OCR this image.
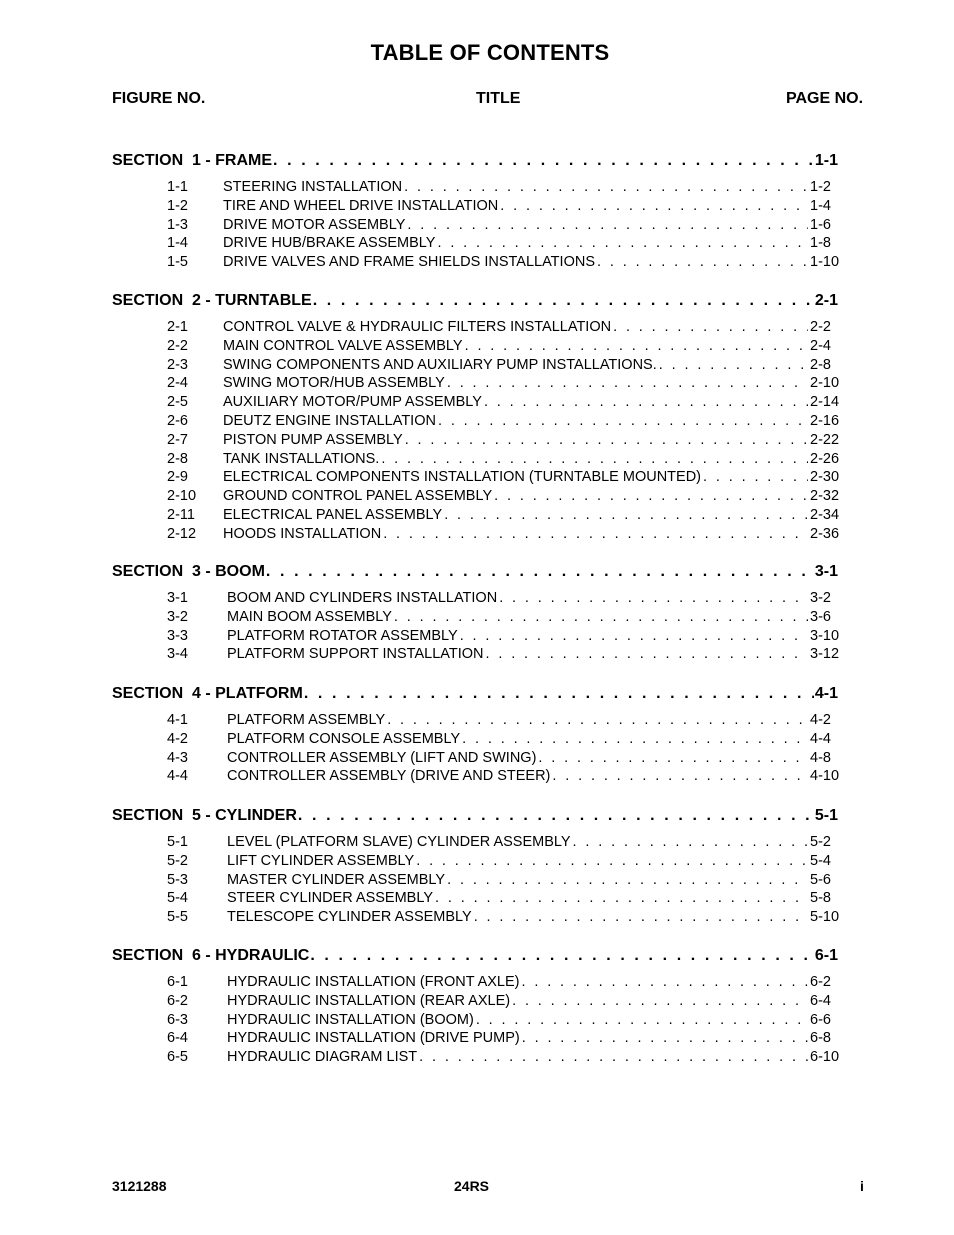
TABLE OF CONTENTS
FIGURE NO.	TITLE	PAGE NO.
SECTION  1 - FRAME . . .	1-1
1-1 STEERING INSTALLATION . . .	1-2
1-2 TIRE AND WHEEL DRIVE INSTALLATION . . .	1-4
1-3 DRIVE MOTOR ASSEMBLY . . .	1-6
1-4 DRIVE HUB/BRAKE ASSEMBLY . . .	1-8
1-5 DRIVE VALVES AND FRAME SHIELDS INSTALLATIONS . . .	1-10
SECTION  2 - TURNTABLE . . .	2-1
2-1 CONTROL VALVE & HYDRAULIC FILTERS INSTALLATION . . .	2-2
2-2 MAIN CONTROL VALVE ASSEMBLY . . .	2-4
2-3 SWING COMPONENTS AND AUXILIARY PUMP INSTALLATIONS. . . .	2-8
2-4 SWING MOTOR/HUB ASSEMBLY . . .	2-10
2-5 AUXILIARY MOTOR/PUMP ASSEMBLY . . .	2-14
2-6 DEUTZ ENGINE INSTALLATION . . .	2-16
2-7 PISTON PUMP ASSEMBLY . . .	2-22
2-8 TANK INSTALLATIONS. . . .	2-26
2-9 ELECTRICAL COMPONENTS INSTALLATION (TURNTABLE MOUNTED) . . .	2-30
2-10 GROUND CONTROL PANEL ASSEMBLY . . .	2-32
2-11 ELECTRICAL PANEL ASSEMBLY . . .	2-34
2-12 HOODS INSTALLATION . . .	2-36
SECTION  3 - BOOM . . .	3-1
3-1	BOOM AND CYLINDERS INSTALLATION . . .	3-2
3-2	MAIN BOOM ASSEMBLY . . .	3-6
3-3	PLATFORM ROTATOR ASSEMBLY . . .	3-10
3-4	PLATFORM SUPPORT INSTALLATION . . .	3-12
SECTION  4 - PLATFORM . . .	4-1
4-1	PLATFORM ASSEMBLY . . .	4-2
4-2	PLATFORM CONSOLE ASSEMBLY . . .	4-4
4-3	CONTROLLER ASSEMBLY (LIFT AND SWING) . . .	4-8
4-4	CONTROLLER ASSEMBLY (DRIVE AND STEER) . . .	4-10
SECTION  5 - CYLINDER . . .	5-1
5-1	LEVEL (PLATFORM SLAVE) CYLINDER ASSEMBLY . . .	5-2
5-2	LIFT CYLINDER ASSEMBLY . . .	5-4
5-3	MASTER CYLINDER ASSEMBLY . . .	5-6
5-4	STEER CYLINDER ASSEMBLY . . .	5-8
5-5	TELESCOPE CYLINDER ASSEMBLY . . .	5-10
SECTION  6 - HYDRAULIC . . .	6-1
6-1	HYDRAULIC INSTALLATION (FRONT AXLE) . . .	6-2
6-2	HYDRAULIC INSTALLATION (REAR AXLE) . . .	6-4
6-3	HYDRAULIC INSTALLATION (BOOM) . . .	6-6
6-4	HYDRAULIC INSTALLATION (DRIVE PUMP) . . .	6-8
6-5	HYDRAULIC DIAGRAM LIST . . .	6-10
3121288	24RS	i
